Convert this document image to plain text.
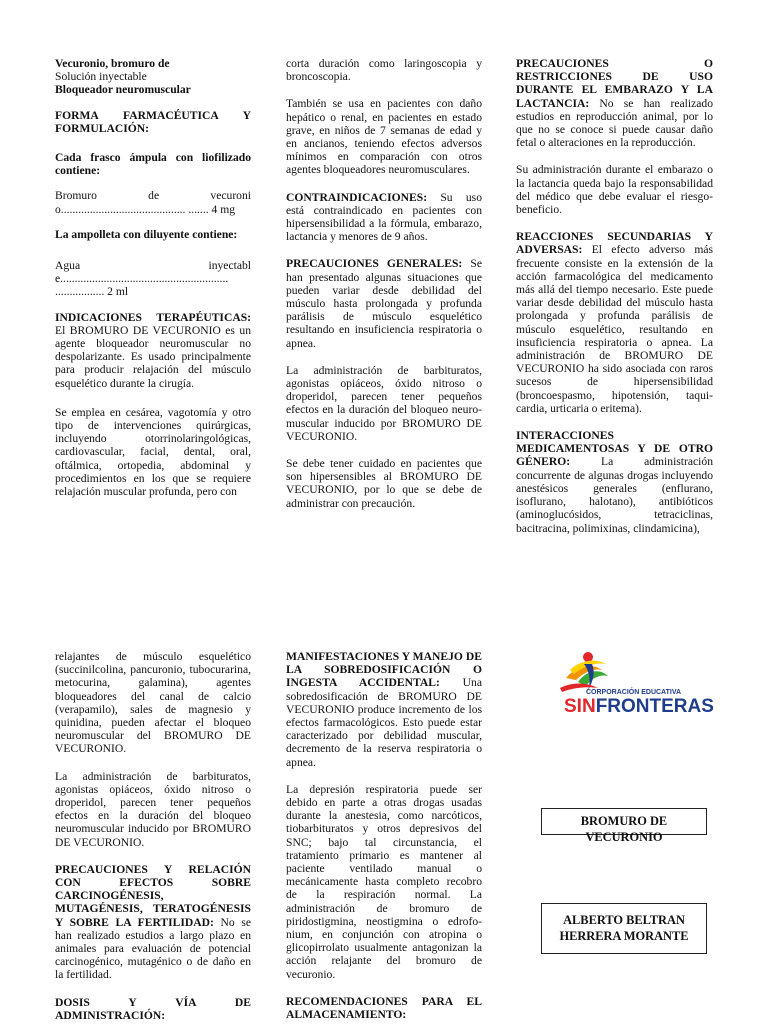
Vecuronio, bromuro de
Solución inyectable
Bloqueador neuromuscular

FORMA FARMACÉUTICA Y FORMULACIÓN:

Cada frasco ámpula con liofilizado contiene:

Bromuro de vecuronio........................................... ....... 4 mg

La ampolleta con diluyente contiene:

Agua inyectable.......................................................... ................. 2 ml

INDICACIONES TERAPÉUTICAS: El BROMURO DE VECURONIO es un agente bloqueador neuromuscular no despolarizante. Es usado principalmente para producir relajación del músculo esquelético durante la cirugía.

Se emplea en cesárea, vagotomía y otro tipo de intervenciones quirúrgicas, incluyendo otorrinolaringológicas, cardiovascular, facial, dental, oral, oftálmica, ortopedia, abdominal y procedimientos en los que se requiere relajación muscular profunda, pero con

corta duración como laringoscopia y broncoscopia.

También se usa en pacientes con daño hepático o renal, en pacientes en estado grave, en niños de 7 semanas de edad y en ancianos, teniendo efectos adversos mínimos en comparación con otros agentes bloqueadores neuromusculares.

CONTRAINDICACIONES: Su uso está contraindicado en pacientes con hipersensibilidad a la fórmula, embarazo, lactancia y menores de 9 años.

PRECAUCIONES GENERALES: Se han presentado algunas situaciones que pueden variar desde debilidad del músculo hasta prolongada y profunda parálisis de músculo esquelético resultando en insuficiencia respiratoria o apnea.

La administración de barbituratos, agonistas opiáceos, óxido nitroso o droperidol, parecen tener pequeños efectos en la duración del bloqueo neuro-muscular inducido por BROMURO DE VECURONIO.

Se debe tener cuidado en pacientes que son hipersensibles al BROMURO DE VECURONIO, por lo que se debe de administrar con precaución.

PRECAUCIONES O RESTRICCIONES DE USO DURANTE EL EMBARAZO Y LA LACTANCIA: No se han realizado estudios en reproducción animal, por lo que no se conoce si puede causar daño fetal o alteraciones en la reproducción.

Su administración durante el embarazo o la lactancia queda bajo la responsabilidad del médico que debe evaluar el riesgo-beneficio.

REACCIONES SECUNDARIAS Y ADVERSAS: El efecto adverso más frecuente consiste en la extensión de la acción farmacológica del medicamento más allá del tiempo necesario. Este puede variar desde debilidad del músculo hasta prolongada y profunda parálisis de músculo esquelético, resultando en insuficiencia respiratoria o apnea. La administración de BROMURO DE VECURONIO ha sido asociada con raros sucesos de hipersensibilidad (broncoespasmo, hipotensión, taqui-cardia, urticaria o eritema).

INTERACCIONES MEDICAMENTOSAS Y DE OTRO GÉNERO:	La administración concurrente de algunas drogas incluyendo anestésicos generales (enflurano, isoflurano, halotano), antibióticos (aminoglucósidos, tetraciclinas, bacitracina, polimixinas, clindamicina),

relajantes de músculo esquelético (succinilcolina, pancuronio, tubocurarina, metocurina, galamina), agentes bloqueadores del canal de calcio (verapamilo), sales de magnesio y quinidina, pueden afectar el bloqueo neuromuscular del BROMURO DE VECURONIO.

La administración de barbituratos, agonistas opiáceos, óxido nitroso o droperidol, parecen tener pequeños efectos en la duración del bloqueo neuromuscular inducido por BROMURO DE VECURONIO.

PRECAUCIONES Y RELACIÓN CON EFECTOS SOBRE CARCINOGÉNESIS, MUTAGÉNESIS, TERATOGÉNESIS Y SOBRE LA FERTILIDAD: No se han realizado estudios a largo plazo en animales para evaluación de potencial carcinogénico, mutagénico o de daño en la fertilidad.

DOSIS Y VÍA DE ADMINISTRACIÓN:

MANIFESTACIONES Y MANEJO DE LA SOBREDOSIFICACIÓN O INGESTA ACCIDENTAL: Una sobredosificación de BROMURO DE VECURONIO produce incremento de los efectos farmacológicos. Esto puede estar caracterizado por debilidad muscular, decremento de la reserva respiratoria o apnea.

La depresión respiratoria puede ser debido en parte a otras drogas usadas durante la anestesia, como narcóticos, tiobarbituratos y otros depresivos del SNC; bajo tal circunstancia, el tratamiento primario es mantener al paciente ventilado manual o mecánicamente hasta completo recobro de la respiración normal. La administración de bromuro de piridostigmina, neostigmina o edrofo-nium, en conjunción con atropina o glicopirrolato usualmente antagonizan la acción relajante del bromuro de vecuronio.

RECOMENDACIONES PARA EL ALMACENAMIENTO:

CORPORACIÓN EDUCATIVA
SINFRONTERAS
BROMURO DE VECURONIO
ALBERTO BELTRAN
HERRERA MORANTE
